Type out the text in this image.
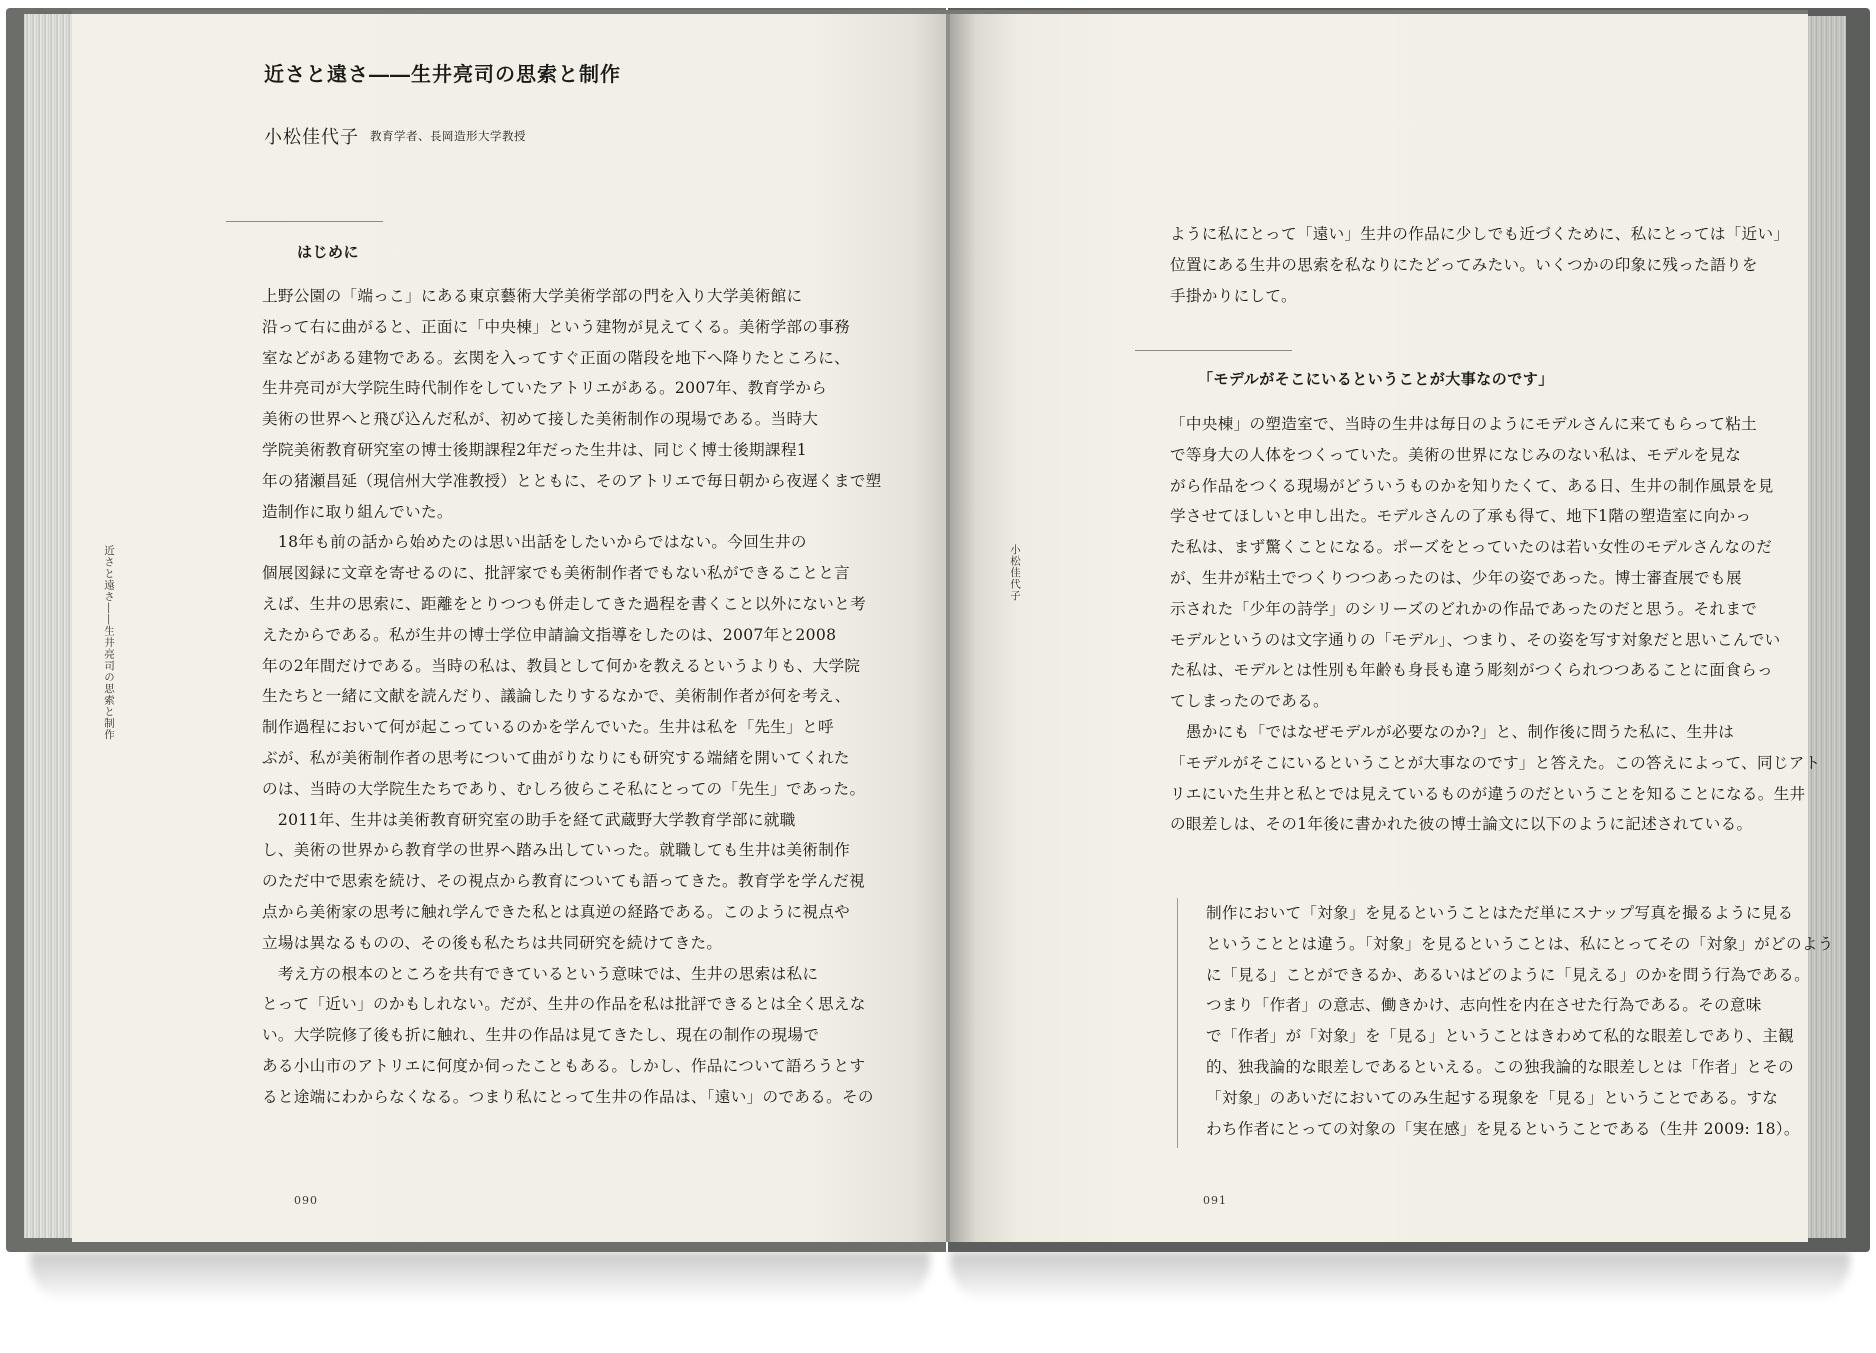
近さと遠さ――生井亮司の思索と制作
小松佳代子 教育学者、長岡造形大学教授
はじめに
上野公園の「端っこ」にある東京藝術大学美術学部の門を入り大学美術館に
沿って右に曲がると、正面に「中央棟」という建物が見えてくる。美術学部の事務
室などがある建物である。玄関を入ってすぐ正面の階段を地下へ降りたところに、
生井亮司が大学院生時代制作をしていたアトリエがある。2007年、教育学から
美術の世界へと飛び込んだ私が、初めて接した美術制作の現場である。当時大
学院美術教育研究室の博士後期課程2年だった生井は、同じく博士後期課程1
年の猪瀬昌延（現信州大学准教授）とともに、そのアトリエで毎日朝から夜遅くまで塑
造制作に取り組んでいた。
　18年も前の話から始めたのは思い出話をしたいからではない。今回生井の
個展図録に文章を寄せるのに、批評家でも美術制作者でもない私ができることと言
えば、生井の思索に、距離をとりつつも併走してきた過程を書くこと以外にないと考
えたからである。私が生井の博士学位申請論文指導をしたのは、2007年と2008
年の2年間だけである。当時の私は、教員として何かを教えるというよりも、大学院
生たちと一緒に文献を読んだり、議論したりするなかで、美術制作者が何を考え、
制作過程において何が起こっているのかを学んでいた。生井は私を「先生」と呼
ぶが、私が美術制作者の思考について曲がりなりにも研究する端緒を開いてくれた
のは、当時の大学院生たちであり、むしろ彼らこそ私にとっての「先生」であった。
　2011年、生井は美術教育研究室の助手を経て武蔵野大学教育学部に就職
し、美術の世界から教育学の世界へ踏み出していった。就職しても生井は美術制作
のただ中で思索を続け、その視点から教育についても語ってきた。教育学を学んだ視
点から美術家の思考に触れ学んできた私とは真逆の経路である。このように視点や
立場は異なるものの、その後も私たちは共同研究を続けてきた。
　考え方の根本のところを共有できているという意味では、生井の思索は私に
とって「近い」のかもしれない。だが、生井の作品を私は批評できるとは全く思えな
い。大学院修了後も折に触れ、生井の作品は見てきたし、現在の制作の現場で
ある小山市のアトリエに何度か伺ったこともある。しかし、作品について語ろうとす
ると途端にわからなくなる。つまり私にとって生井の作品は、「遠い」のである。その
近さと遠さ――生井亮司の思索と制作
090
ように私にとって「遠い」生井の作品に少しでも近づくために、私にとっては「近い」
位置にある生井の思索を私なりにたどってみたい。いくつかの印象に残った語りを
手掛かりにして。
「モデルがそこにいるということが大事なのです」
「中央棟」の塑造室で、当時の生井は毎日のようにモデルさんに来てもらって粘土
で等身大の人体をつくっていた。美術の世界になじみのない私は、モデルを見な
がら作品をつくる現場がどういうものかを知りたくて、ある日、生井の制作風景を見
学させてほしいと申し出た。モデルさんの了承も得て、地下1階の塑造室に向かっ
た私は、まず驚くことになる。ポーズをとっていたのは若い女性のモデルさんなのだ
が、生井が粘土でつくりつつあったのは、少年の姿であった。博士審査展でも展
示された「少年の詩学」のシリーズのどれかの作品であったのだと思う。それまで
モデルというのは文字通りの「モデル」、つまり、その姿を写す対象だと思いこんでい
た私は、モデルとは性別も年齢も身長も違う彫刻がつくられつつあることに面食らっ
てしまったのである。
　愚かにも「ではなぜモデルが必要なのか?」と、制作後に問うた私に、生井は
「モデルがそこにいるということが大事なのです」と答えた。この答えによって、同じアト
リエにいた生井と私とでは見えているものが違うのだということを知ることになる。生井
の眼差しは、その1年後に書かれた彼の博士論文に以下のように記述されている。
制作において「対象」を見るということはただ単にスナップ写真を撮るように見る
ということとは違う。「対象」を見るということは、私にとってその「対象」がどのよう
に「見る」ことができるか、あるいはどのように「見える」のかを問う行為である。
つまり「作者」の意志、働きかけ、志向性を内在させた行為である。その意味
で「作者」が「対象」を「見る」ということはきわめて私的な眼差しであり、主観
的、独我論的な眼差しであるといえる。この独我論的な眼差しとは「作者」とその
「対象」のあいだにおいてのみ生起する現象を「見る」ということである。すな
わち作者にとっての対象の「実在感」を見るということである（生井 2009: 18）。
小松佳代子
091
